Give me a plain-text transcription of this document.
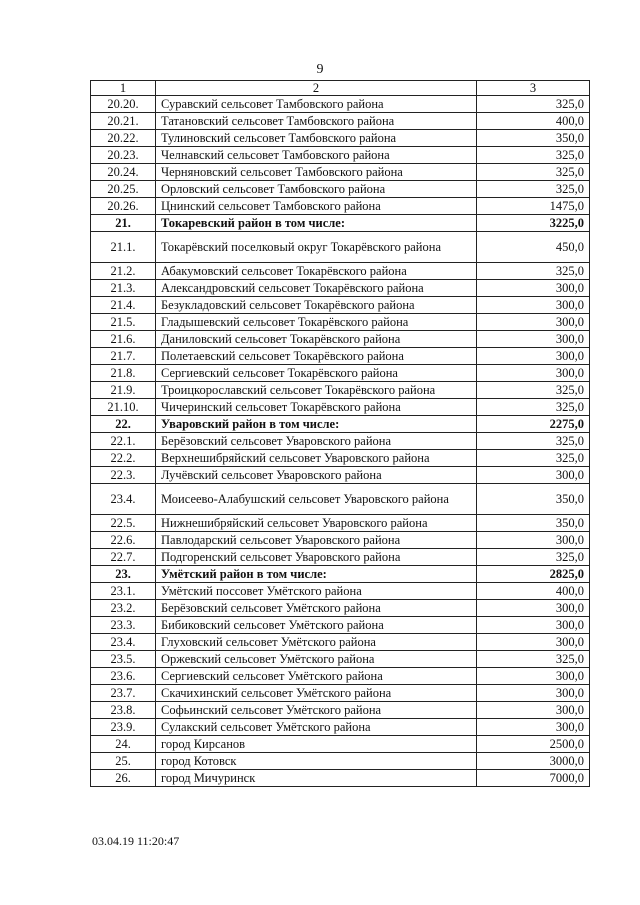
9
1	2	3
20.20.	Суравский сельсовет Тамбовского района	325,0
20.21.	Татановский сельсовет Тамбовского района	400,0
20.22.	Тулиновский сельсовет Тамбовского района	350,0
20.23.	Челнавский сельсовет Тамбовского района	325,0
20.24.	Черняновский сельсовет Тамбовского района	325,0
20.25.	Орловский сельсовет Тамбовского района	325,0
20.26.	Цнинский сельсовет Тамбовского района	1475,0
21.	Токаревский район в том числе:	3225,0
21.1.	Токарёвский поселковый округ Токарёвского района	450,0
21.2.	Абакумовский сельсовет Токарёвского района	325,0
21.3.	Александровский сельсовет Токарёвского района	300,0
21.4.	Безукладовский сельсовет Токарёвского района	300,0
21.5.	Гладышевский сельсовет Токарёвского района	300,0
21.6.	Даниловский сельсовет Токарёвского района	300,0
21.7.	Полетаевский сельсовет Токарёвского района	300,0
21.8.	Сергиевский сельсовет Токарёвского района	300,0
21.9.	Троицкорославский сельсовет Токарёвского района	325,0
21.10.	Чичеринский сельсовет Токарёвского района	325,0
22.	Уваровский район в том числе:	2275,0
22.1.	Берёзовский сельсовет Уваровского района	325,0
22.2.	Верхнешибряйский сельсовет Уваровского района	325,0
22.3.	Лучёвский сельсовет Уваровского района	300,0
23.4.	Моисеево-Алабушский сельсовет Уваровского района	350,0
22.5.	Нижнешибряйский сельсовет Уваровского района	350,0
22.6.	Павлодарский сельсовет Уваровского района	300,0
22.7.	Подгоренский сельсовет Уваровского района	325,0
23.	Умётский район в том числе:	2825,0
23.1.	Умётский поссовет Умётского района	400,0
23.2.	Берёзовский сельсовет Умётского района	300,0
23.3.	Бибиковский сельсовет Умётского района	300,0
23.4.	Глуховский сельсовет Умётского района	300,0
23.5.	Оржевский сельсовет Умётского района	325,0
23.6.	Сергиевский сельсовет Умётского района	300,0
23.7.	Скачихинский сельсовет Умётского района	300,0
23.8.	Софьинский сельсовет Умётского района	300,0
23.9.	Сулакский сельсовет Умётского района	300,0
24.	город Кирсанов	2500,0
25.	город Котовск	3000,0
26.	город Мичуринск	7000,0
03.04.19 11:20:47
